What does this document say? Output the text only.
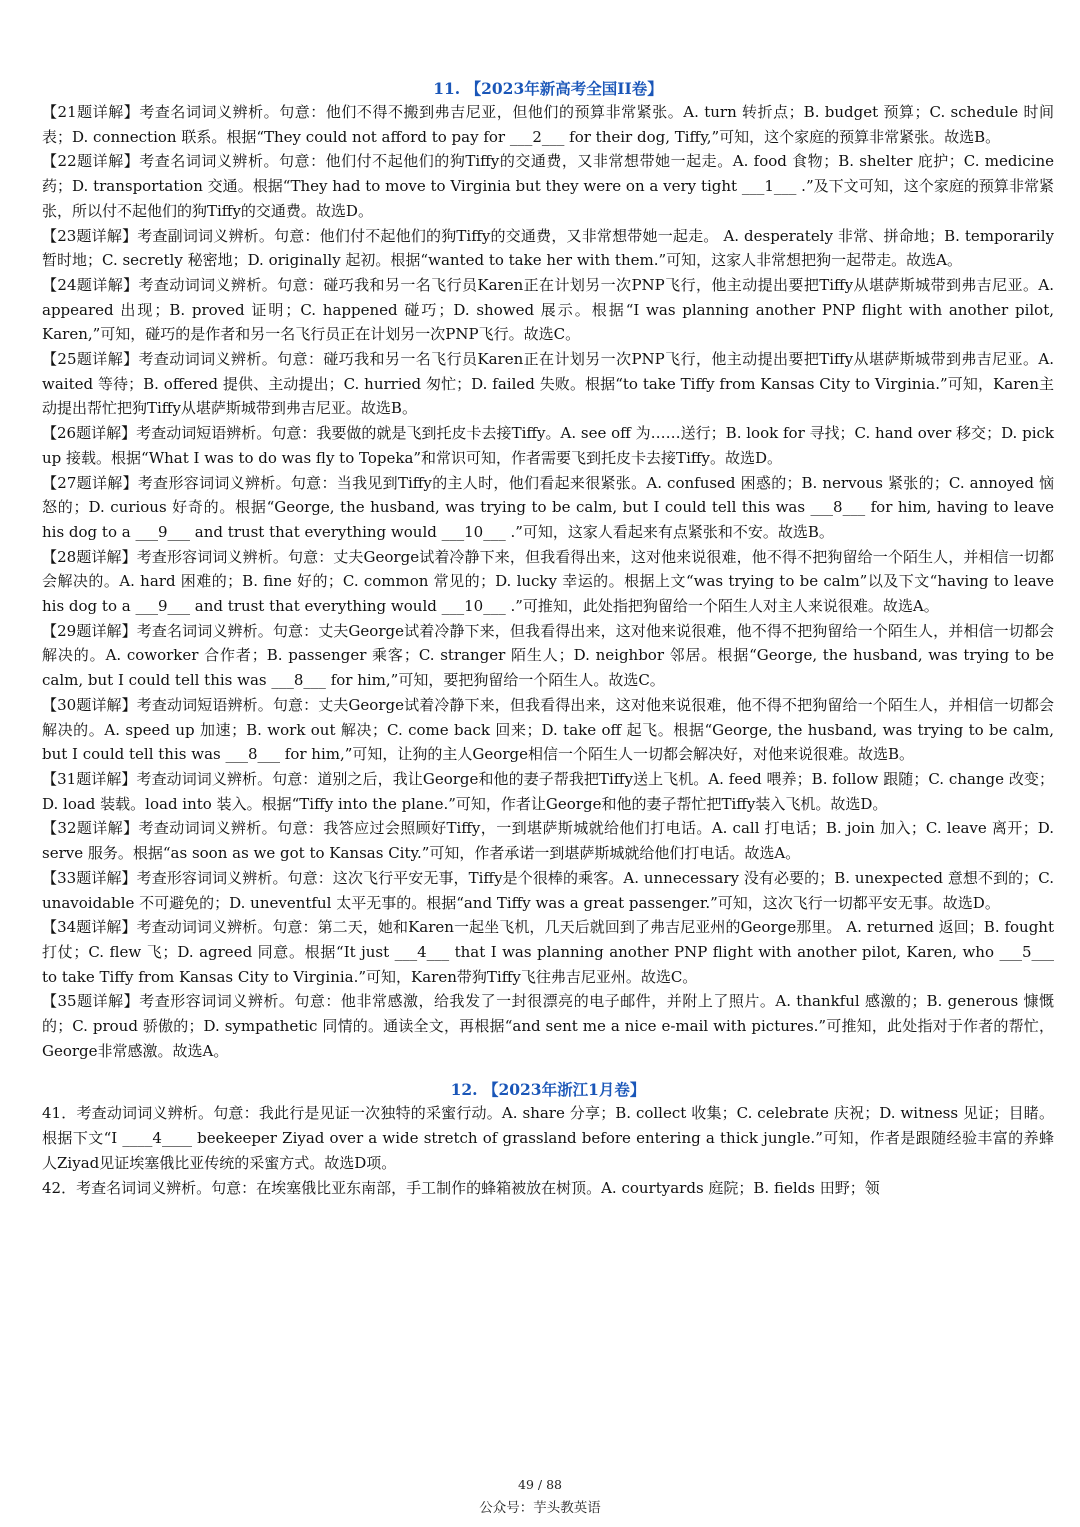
11. 【2023年新高考全国II卷】

【21题详解】考查名词词义辨析。句意：他们不得不搬到弗吉尼亚，但他们的预算非常紧张。A. turn 转折点；B. budget 预算；C. schedule 时间表；D. connection 联系。根据“They could not afford to pay for ___2___ for their dog, Tiffy,”可知，这个家庭的预算非常紧张。故选B。

【22题详解】考查名词词义辨析。句意：他们付不起他们的狗Tiffy的交通费，又非常想带她一起走。A. food 食物；B. shelter 庇护；C. medicine 药；D. transportation 交通。根据“They had to move to Virginia but they were on a very tight ___1___ .”及下文可知，这个家庭的预算非常紧张，所以付不起他们的狗Tiffy的交通费。故选D。

【23题详解】考查副词词义辨析。句意：他们付不起他们的狗Tiffy的交通费，又非常想带她一起走。 A. desperately 非常、拼命地；B. temporarily 暂时地；C. secretly 秘密地；D. originally 起初。根据“wanted to take her with them.”可知，这家人非常想把狗一起带走。故选A。

【24题详解】考查动词词义辨析。句意：碰巧我和另一名飞行员Karen正在计划另一次PNP飞行，他主动提出要把Tiffy从堪萨斯城带到弗吉尼亚。A. appeared 出现；B. proved 证明；C. happened 碰巧；D. showed 展示。根据“I was planning another PNP flight with another pilot, Karen,”可知，碰巧的是作者和另一名飞行员正在计划另一次PNP飞行。故选C。

【25题详解】考查动词词义辨析。句意：碰巧我和另一名飞行员Karen正在计划另一次PNP飞行，他主动提出要把Tiffy从堪萨斯城带到弗吉尼亚。A. waited 等待；B. offered 提供、主动提出；C. hurried 匆忙；D. failed 失败。根据“to take Tiffy from Kansas City to Virginia.”可知，Karen主动提出帮忙把狗Tiffy从堪萨斯城带到弗吉尼亚。故选B。

【26题详解】考查动词短语辨析。句意：我要做的就是飞到托皮卡去接Tiffy。A. see off 为……送行；B. look for 寻找；C. hand over 移交；D. pick up 接载。根据“What I was to do was fly to Topeka”和常识可知，作者需要飞到托皮卡去接Tiffy。故选D。

【27题详解】考查形容词词义辨析。句意：当我见到Tiffy的主人时，他们看起来很紧张。A. confused 困惑的；B. nervous 紧张的；C. annoyed 恼怒的；D. curious 好奇的。根据“George, the husband, was trying to be calm, but I could tell this was ___8___ for him, having to leave his dog to a ___9___ and trust that everything would ___10___ .”可知，这家人看起来有点紧张和不安。故选B。

【28题详解】考查形容词词义辨析。句意：丈夫George试着冷静下来，但我看得出来，这对他来说很难，他不得不把狗留给一个陌生人，并相信一切都会解决的。A. hard 困难的；B. fine 好的；C. common 常见的；D. lucky 幸运的。根据上文“was trying to be calm”以及下文“having to leave his dog to a ___9___ and trust that everything would ___10___ .”可推知，此处指把狗留给一个陌生人对主人来说很难。故选A。

【29题详解】考查名词词义辨析。句意：丈夫George试着冷静下来，但我看得出来，这对他来说很难，他不得不把狗留给一个陌生人，并相信一切都会解决的。A. coworker 合作者；B. passenger 乘客；C. stranger 陌生人；D. neighbor 邻居。根据“George, the husband, was trying to be calm, but I could tell this was ___8___ for him,”可知，要把狗留给一个陌生人。故选C。

【30题详解】考查动词短语辨析。句意：丈夫George试着冷静下来，但我看得出来，这对他来说很难，他不得不把狗留给一个陌生人，并相信一切都会解决的。A. speed up 加速；B. work out 解决；C. come back 回来；D. take off 起飞。根据“George, the husband, was trying to be calm, but I could tell this was ___8___ for him,”可知，让狗的主人George相信一个陌生人一切都会解决好，对他来说很难。故选B。

【31题详解】考查动词词义辨析。句意：道别之后，我让George和他的妻子帮我把Tiffy送上飞机。A. feed 喂养；B. follow 跟随；C. change 改变；D. load 装载。load into 装入。根据“Tiffy into the plane.”可知，作者让George和他的妻子帮忙把Tiffy装入飞机。故选D。

【32题详解】考查动词词义辨析。句意：我答应过会照顾好Tiffy，一到堪萨斯城就给他们打电话。A. call 打电话；B. join 加入；C. leave 离开；D. serve 服务。根据“as soon as we got to Kansas City.”可知，作者承诺一到堪萨斯城就给他们打电话。故选A。

【33题详解】考查形容词词义辨析。句意：这次飞行平安无事，Tiffy是个很棒的乘客。A. unnecessary 没有必要的；B. unexpected 意想不到的；C. unavoidable 不可避免的；D. uneventful 太平无事的。根据“and Tiffy was a great passenger.”可知，这次飞行一切都平安无事。故选D。

【34题详解】考查动词词义辨析。句意：第二天，她和Karen一起坐飞机，几天后就回到了弗吉尼亚州的George那里。 A. returned 返回；B. fought 打仗；C. flew 飞；D. agreed 同意。根据“It just ___4___ that I was planning another PNP flight with another pilot, Karen, who ___5___ to take Tiffy from Kansas City to Virginia.”可知，Karen带狗Tiffy飞往弗吉尼亚州。故选C。

【35题详解】考查形容词词义辨析。句意：他非常感激，给我发了一封很漂亮的电子邮件，并附上了照片。A. thankful 感激的；B. generous 慷慨的；C. proud 骄傲的；D. sympathetic 同情的。通读全文，再根据“and sent me a nice e-mail with pictures.”可推知，此处指对于作者的帮忙，George非常感激。故选A。

12. 【2023年浙江1月卷】

41．考查动词词义辨析。句意：我此行是见证一次独特的采蜜行动。A. share 分享；B. collect 收集；C. celebrate 庆祝；D. witness 见证；目睹。根据下文“I ____4____ beekeeper Ziyad over a wide stretch of grassland before entering a thick jungle.”可知，作者是跟随经验丰富的养蜂人Ziyad见证埃塞俄比亚传统的采蜜方式。故选D项。

42．考查名词词义辨析。句意：在埃塞俄比亚东南部，手工制作的蜂箱被放在树顶。A. courtyards 庭院；B. fields 田野；领

49 / 88
公众号：芋头教英语
